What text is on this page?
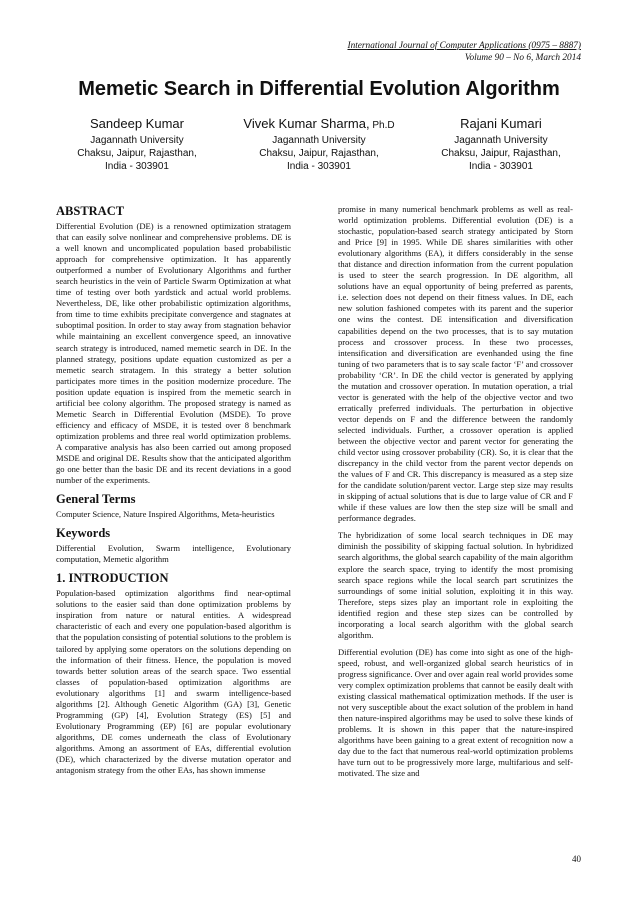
International Journal of Computer Applications (0975 – 8887)
Volume 90 – No 6, March 2014
Memetic Search in Differential Evolution Algorithm
Sandeep Kumar
Jagannath University
Chaksu, Jaipur, Rajasthan,
India - 303901
Vivek Kumar Sharma, Ph.D
Jagannath University
Chaksu, Jaipur, Rajasthan,
India - 303901
Rajani Kumari
Jagannath University
Chaksu, Jaipur, Rajasthan,
India - 303901
ABSTRACT

Differential Evolution (DE) is a renowned optimization stratagem that can easily solve nonlinear and comprehensive problems. DE is a well known and uncomplicated population based probabilistic approach for comprehensive optimization. It has apparently outperformed a number of Evolutionary Algorithms and further search heuristics in the vein of Particle Swarm Optimization at what time of testing over both yardstick and actual world problems. Nevertheless, DE, like other probabilistic optimization algorithms, from time to time exhibits precipitate convergence and stagnates at suboptimal position. In order to stay away from stagnation behavior while maintaining an excellent convergence speed, an innovative search strategy is introduced, named memetic search in DE. In the planned strategy, positions update equation customized as per a memetic search stratagem. In this strategy a better solution participates more times in the position modernize procedure. The position update equation is inspired from the memetic search in artificial bee colony algorithm. The proposed strategy is named as Memetic Search in Differential Evolution (MSDE). To prove efficiency and efficacy of MSDE, it is tested over 8 benchmark optimization problems and three real world optimization problems. A comparative analysis has also been carried out among proposed MSDE and original DE. Results show that the anticipated algorithm go one better than the basic DE and its recent deviations in a good number of the experiments.

General Terms

Computer Science, Nature Inspired Algorithms, Meta-heuristics

Keywords

Differential Evolution, Swarm intelligence, Evolutionary computation, Memetic algorithm

1. INTRODUCTION

Population-based optimization algorithms find near-optimal solutions to the easier said than done optimization problems by inspiration from nature or natural entities. A widespread characteristic of each and every one population-based algorithm is that the population consisting of potential solutions to the problem is tailored by applying some operators on the solutions depending on the information of their fitness. Hence, the population is moved towards better solution areas of the search space. Two essential classes of population-based optimization algorithms are evolutionary algorithms [1] and swarm intelligence-based algorithms [2]. Although Genetic Algorithm (GA) [3], Genetic Programming (GP) [4], Evolution Strategy (ES) [5] and Evolutionary Programming (EP) [6] are popular evolutionary algorithms, DE comes underneath the class of Evolutionary algorithms. Among an assortment of EAs, differential evolution (DE), which characterized by the diverse mutation operator and antagonism strategy from the other EAs, has shown immense

promise in many numerical benchmark problems as well as real-world optimization problems. Differential evolution (DE) is a stochastic, population-based search strategy anticipated by Storn and Price [9] in 1995. While DE shares similarities with other evolutionary algorithms (EA), it differs considerably in the sense that distance and direction information from the current population is used to steer the search progression. In DE algorithm, all solutions have an equal opportunity of being preferred as parents, i.e. selection does not depend on their fitness values. In DE, each new solution fashioned competes with its parent and the superior one wins the contest. DE intensification and diversification capabilities depend on the two processes, that is to say mutation process and crossover process. In these two processes, intensification and diversification are evenhanded using the fine tuning of two parameters that is to say scale factor ‘F’ and crossover probability ‘CR’. In DE the child vector is generated by applying the mutation and crossover operation. In mutation operation, a trial vector is generated with the help of the objective vector and two erratically preferred individuals. The perturbation in objective vector depends on F and the difference between the randomly selected individuals. Further, a crossover operation is applied between the objective vector and parent vector for generating the child vector using crossover probability (CR). So, it is clear that the discrepancy in the child vector from the parent vector depends on the values of F and CR. This discrepancy is measured as a step size for the candidate solution/parent vector. Large step size may results in skipping of actual solutions that is due to large value of CR and F while if these values are low then the step size will be small and performance degrades.

The hybridization of some local search techniques in DE may diminish the possibility of skipping factual solution. In hybridized search algorithms, the global search capability of the main algorithm explore the search space, trying to identify the most promising search space regions while the local search part scrutinizes the surroundings of some initial solution, exploiting it in this way. Therefore, steps sizes play an important role in exploiting the identified region and these step sizes can be controlled by incorporating a local search algorithm with the global search algorithm.

Differential evolution (DE) has come into sight as one of the high-speed, robust, and well-organized global search heuristics of in progress significance. Over and over again real world provides some very complex optimization problems that cannot be easily dealt with existing classical mathematical optimization methods. If the user is not very susceptible about the exact solution of the problem in hand then nature-inspired algorithms may be used to solve these kinds of problems. It is shown in this paper that the nature-inspired algorithms have been gaining to a great extent of recognition now a day due to the fact that numerous real-world optimization problems have turn out to be progressively more large, multifarious and self-motivated. The size and

40
